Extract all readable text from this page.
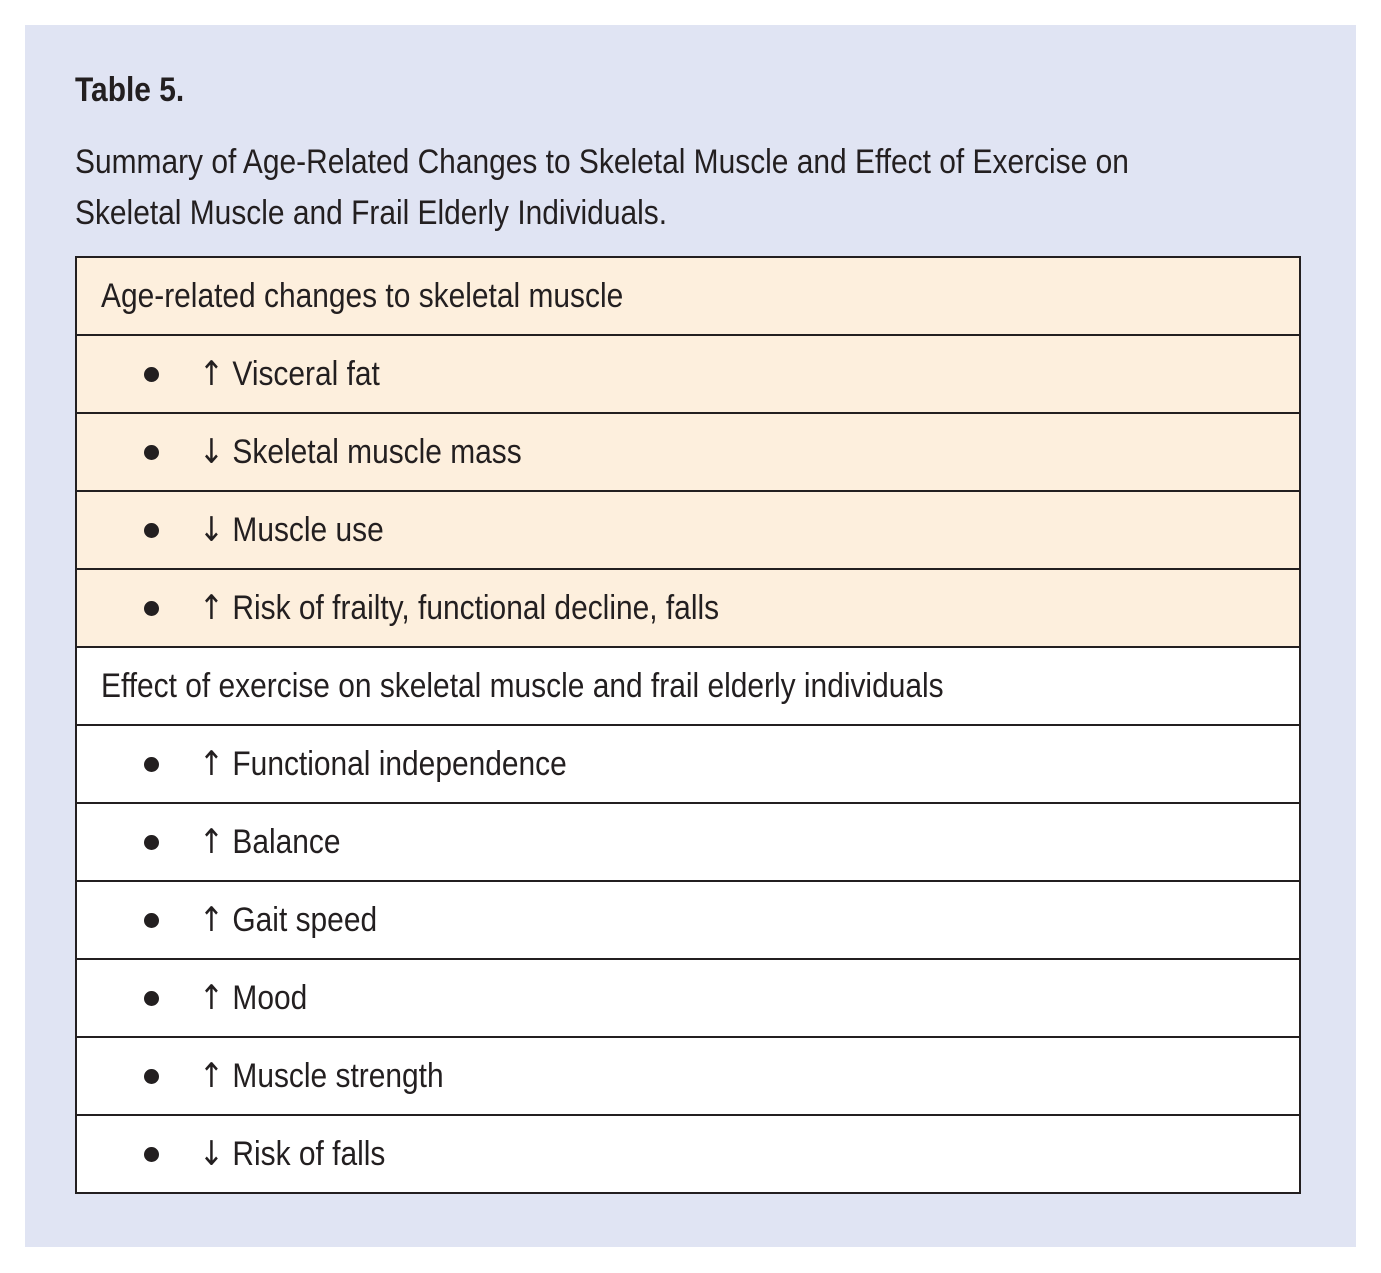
Table 5.
Summary of Age-Related Changes to Skeletal Muscle and Effect of Exercise on
Skeletal Muscle and Frail Elderly Individuals.
Age-related changes to skeletal muscle
↑ Visceral fat
↓ Skeletal muscle mass
↓ Muscle use
↑ Risk of frailty, functional decline, falls
Effect of exercise on skeletal muscle and frail elderly individuals
↑ Functional independence
↑ Balance
↑ Gait speed
↑ Mood
↑ Muscle strength
↓ Risk of falls
